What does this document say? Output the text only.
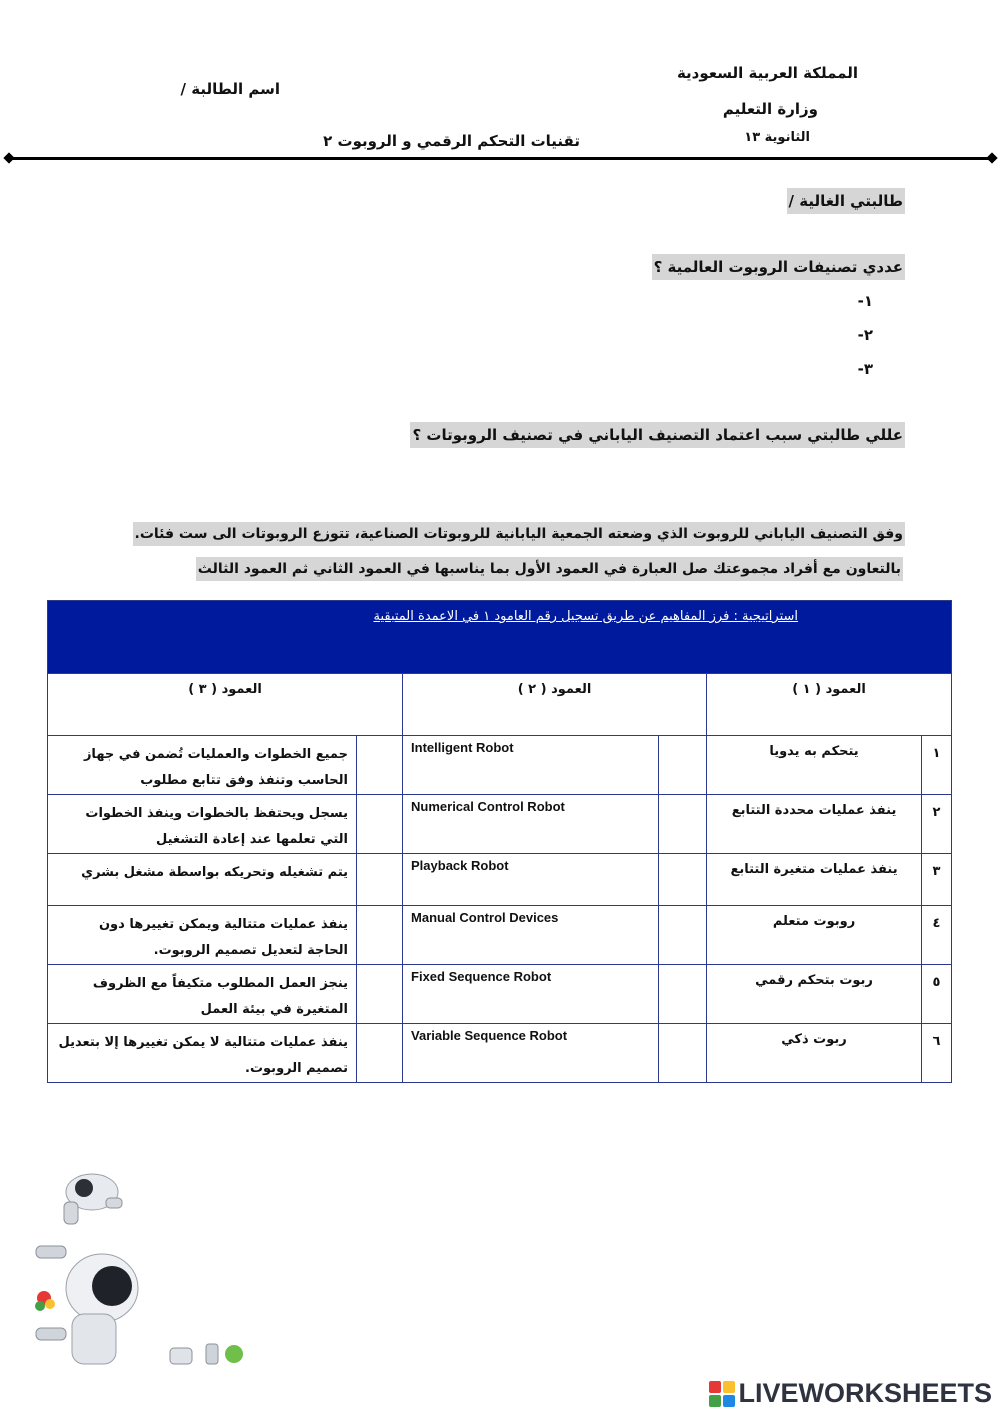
اسم الطالبة /
المملكة العربية السعودية
وزارة التعليم
الثانوية ١٣
تقنيات التحكم الرقمي و الروبوت ٢
طالبتي الغالية /
عددي تصنيفات الروبوت العالمية ؟
١-
٢-
٣-
عللي طالبتي سبب اعتماد التصنيف الياباني في تصنيف الروبوتات ؟
وفق التصنيف الياباني للروبوت الذي وضعته الجمعية اليابانية للروبوتات الصناعية، تتوزع الروبوتات الى ست فئات.
بالتعاون مع أفراد مجموعتك صل العبارة في العمود الأول بما يناسبها في العمود الثاني ثم العمود الثالث
استراتيجية : فرز المفاهيم عن طريق تسجيل رقم العامود ١ في الاعمدة المتبقية					
العمود ( ١ )		العمود ( ٢ )		العمود ( ٣ )	
١	يتحكم به يدويا		Intelligent Robot		جميع الخطوات والعمليات تُضمن في جهاز الحاسب وتنفذ وفق تتابع مطلوب
٢	ينفذ عمليات محددة التتابع		Numerical Control Robot		يسجل ويحتفظ بالخطوات وينفذ الخطوات التي تعلمها عند إعادة التشغيل
٣	ينفذ عمليات متغيرة التتابع		Playback Robot		يتم تشغيله وتحريكه بواسطة مشغل بشري
٤	روبوت متعلم		Manual Control Devices		ينفذ عمليات متتالية ويمكن تغييرها دون الحاجة لتعديل تصميم الروبوت.
٥	ربوت بتحكم رقمي		Fixed Sequence Robot		ينجز العمل المطلوب متكيفاً مع الظروف المتغيرة في بيئة العمل
٦	ربوت ذكي		Variable Sequence Robot		ينفذ عمليات متتالية لا يمكن تغييرها إلا بتعديل تصميم الروبوت.
LIVEWORKSHEETS
